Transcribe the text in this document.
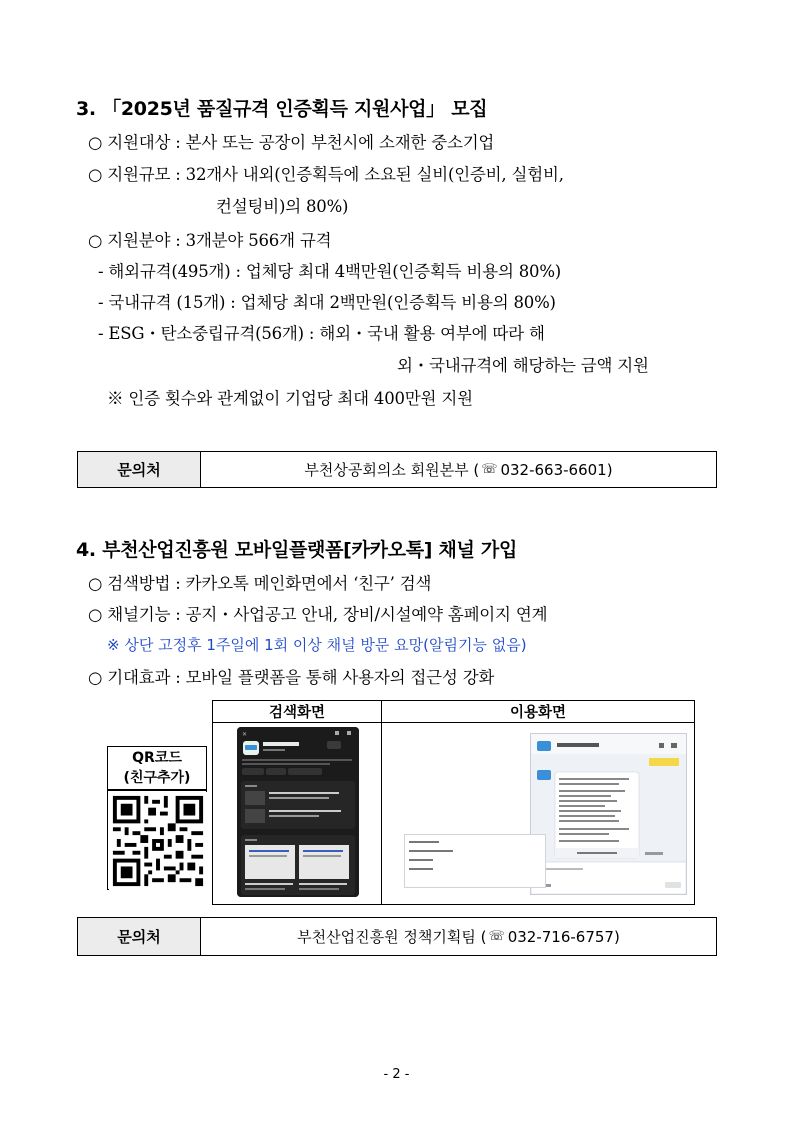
3. 「2025년 품질규격 인증획득 지원사업」 모집
○ 지원대상 : 본사 또는 공장이 부천시에 소재한 중소기업
○ 지원규모 : 32개사 내외(인증획득에 소요된 실비(인증비, 실험비,
컨설팅비)의 80%)
○ 지원분야 : 3개분야 566개 규격
- 해외규격(495개) : 업체당 최대 4백만원(인증획득 비용의 80%)
- 국내규격 (15개) : 업체당 최대 2백만원(인증획득 비용의 80%)
- ESG・탄소중립규격(56개) : 해외・국내 활용 여부에 따라 해
외・국내규격에 해당하는 금액 지원
※ 인증 횟수와 관계없이 기업당 최대 400만원 지원
문의처	부천상공회의소 회원본부 ( ☏ 032-663-6601)
4. 부천산업진흥원 모바일플랫폼[카카오톡] 채널 가입
○ 검색방법 : 카카오톡 메인화면에서 ‘친구’ 검색
○ 채널기능 : 공지・사업공고 안내, 장비/시설예약 홈페이지 연계
※ 상단 고정후 1주일에 1회 이상 채널 방문 요망(알림기능 없음)
○ 기대효과 : 모바일 플랫폼을 통해 사용자의 접근성 강화
QR코드
(친구추가)
검색화면	이용화면
✕
문의처	부천산업진흥원 정책기획팀 ( ☏ 032-716-6757)
- 2 -
